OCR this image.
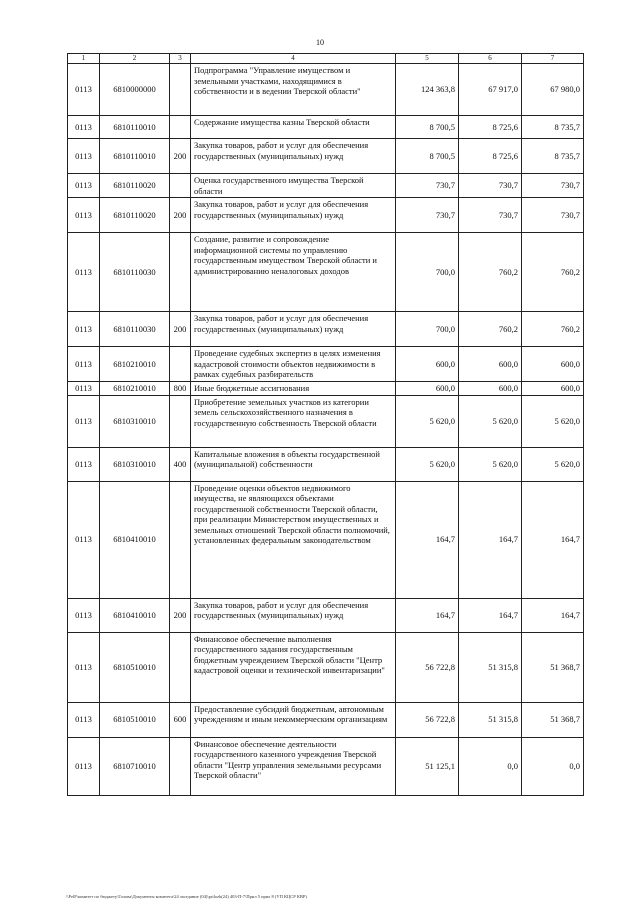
10
1	2	3	4	5	6	7
0113	6810000000		Подпрограмма "Управление имуществом и земельными участками, находящимися в собственности и в ведении Тверской области"	124 363,8	67 917,0	67 980,0
0113	6810110010		Содержание имущества казны Тверской области	8 700,5	8 725,6	8 735,7
0113	6810110010	200	Закупка товаров, работ и услуг для обеспечения государственных (муниципальных) нужд	8 700,5	8 725,6	8 735,7
0113	6810110020		Оценка государственного имущества Тверской области	730,7	730,7	730,7
0113	6810110020	200	Закупка товаров, работ и услуг для обеспечения государственных (муниципальных) нужд	730,7	730,7	730,7
0113	6810110030		Создание, развитие и сопровождение информационной системы по управлению государственным имуществом Тверской области и администрированию неналоговых доходов	700,0	760,2	760,2
0113	6810110030	200	Закупка товаров, работ и услуг для обеспечения государственных (муниципальных) нужд	700,0	760,2	760,2
0113	6810210010		Проведение судебных экспертиз в целях изменения кадастровой стоимости объектов недвижимости в рамках судебных разбирательств	600,0	600,0	600,0
0113	6810210010	800	Иные бюджетные ассигнования	600,0	600,0	600,0
0113	6810310010		Приобретение земельных участков из категории земель сельскохозяйственного назначения в государственную собственность Тверской области	5 620,0	5 620,0	5 620,0
0113	6810310010	400	Капитальные вложения в объекты государственной (муниципальной) собственности	5 620,0	5 620,0	5 620,0
0113	6810410010		Проведение оценки объектов недвижимого имущества, не являющихся объектами государственной собственности Тверской области, при реализации Министерством имущественных и земельных отношений Тверской области полномочий, установленных федеральным законодательством	164,7	164,7	164,7
0113	6810410010	200	Закупка товаров, работ и услуг для обеспечения государственных (муниципальных) нужд	164,7	164,7	164,7
0113	6810510010		Финансовое обеспечение выполнения государственного задания государственным бюджетным учреждением Тверской области "Центр кадастровой оценки и технической инвентаризации"	56 722,8	51 315,8	51 368,7
0113	6810510010	600	Предоставление субсидий бюджетным, автономным учреждениям и иным некоммерческим организациям	56 722,8	51 315,8	51 368,7
0113	6810710010		Финансовое обеспечение деятельности государственного казенного учреждения Тверской области "Центр управления земельными ресурсами Тверской области"	51 125,1	0,0	0,0
\\PelF\комитет по бюджету\Голова\Документы комитета\24 заседание (04)\prilozh(24) 403-П-7\Прил 5 прил 8 (УП КЦСР КВР)
